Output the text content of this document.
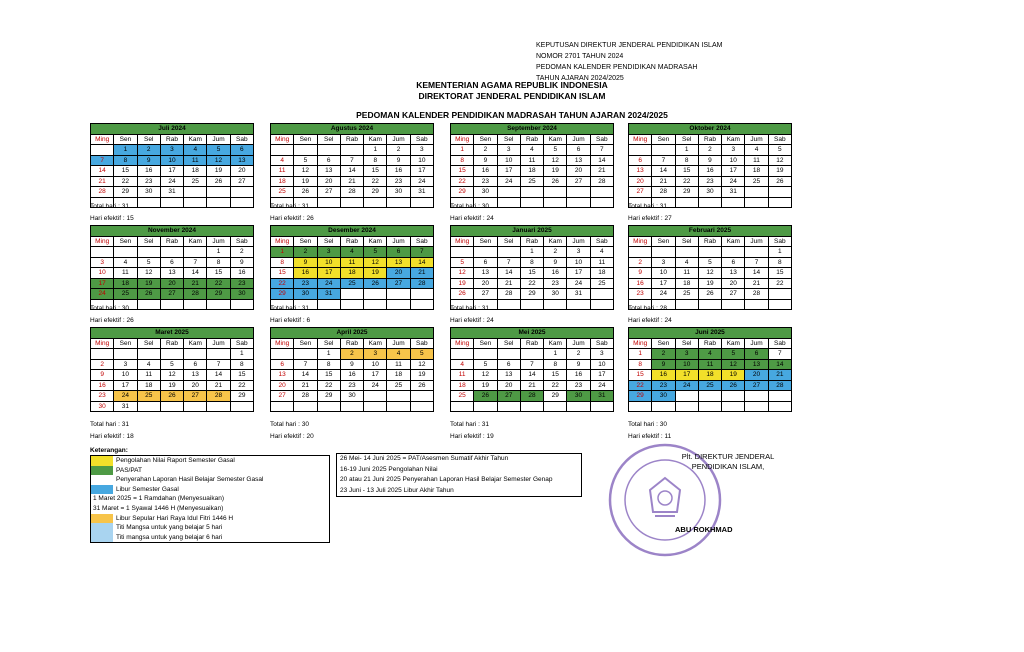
KEPUTUSAN DIREKTUR JENDERAL PENDIDIKAN ISLAM
NOMOR 2701 TAHUN 2024
PEDOMAN KALENDER PENDIDIKAN MADRASAH
TAHUN AJARAN 2024/2025
KEMENTERIAN AGAMA REPUBLIK INDONESIA
DIREKTORAT JENDERAL PENDIDIKAN ISLAM
PEDOMAN KALENDER PENDIDIKAN MADRASAH TAHUN AJARAN 2024/2025
Juli 2024						
Ming	Sen	Sel	Rab	Kam	Jum	Sab
	1	2	3	4	5	6
7	8	9	10	11	12	13
14	15	16	17	18	19	20
21	22	23	24	25	26	27
28	29	30	31			

Total hari : 31
Hari efektif : 15
Agustus 2024						
Ming	Sen	Sel	Rab	Kam	Jum	Sab
				1	2	3
4	5	6	7	8	9	10
11	12	13	14	15	16	17
18	19	20	21	22	23	24
25	26	27	28	29	30	31

Total hari : 31
Hari efektif : 26
September 2024						
Ming	Sen	Sel	Rab	Kam	Jum	Sab
1	2	3	4	5	6	7
8	9	10	11	12	13	14
15	16	17	18	19	20	21
22	23	24	25	26	27	28
29	30					

Total hari : 30
Hari efektif : 24
Oktober 2024						
Ming	Sen	Sel	Rab	Kam	Jum	Sab
		1	2	3	4	5
6	7	8	9	10	11	12
13	14	15	16	17	18	19
20	21	22	23	24	25	26
27	28	29	30	31		

Total hari : 31
Hari efektif : 27
November 2024						
Ming	Sen	Sel	Rab	Kam	Jum	Sab
					1	2
3	4	5	6	7	8	9
10	11	12	13	14	15	16
17	18	19	20	21	22	23
24	25	26	27	28	29	30

Total hari : 30
Hari efektif : 26
Desember 2024						
Ming	Sen	Sel	Rab	Kam	Jum	Sab
1	2	3	4	5	6	7
8	9	10	11	12	13	14
15	16	17	18	19	20	21
22	23	24	25	26	27	28
29	30	31				

Total hari : 31
Hari efektif : 6
Januari 2025						
Ming	Sen	Sel	Rab	Kam	Jum	Sab
			1	2	3	4
5	6	7	8	9	10	11
12	13	14	15	16	17	18
19	20	21	22	23	24	25
26	27	28	29	30	31	

Total hari : 31
Hari efektif : 24
Februari 2025						
Ming	Sen	Sel	Rab	Kam	Jum	Sab
						1
2	3	4	5	6	7	8
9	10	11	12	13	14	15
16	17	18	19	20	21	22
23	24	25	26	27	28	

Total hari : 28
Hari efektif : 24
Maret 2025						
Ming	Sen	Sel	Rab	Kam	Jum	Sab
						1
2	3	4	5	6	7	8
9	10	11	12	13	14	15
16	17	18	19	20	21	22
23	24	25	26	27	28	29
30	31					
Total hari : 31
Hari efektif : 18
April 2025						
Ming	Sen	Sel	Rab	Kam	Jum	Sab
		1	2	3	4	5
6	7	8	9	10	11	12
13	14	15	16	17	18	19
20	21	22	23	24	25	26
27	28	29	30			

Total hari : 30
Hari efektif : 20
Mei 2025						
Ming	Sen	Sel	Rab	Kam	Jum	Sab
				1	2	3
4	5	6	7	8	9	10
11	12	13	14	15	16	17
18	19	20	21	22	23	24
25	26	27	28	29	30	31

Total hari : 31
Hari efektif : 19
Juni 2025						
Ming	Sen	Sel	Rab	Kam	Jum	Sab
1	2	3	4	5	6	7
8	9	10	11	12	13	14
15	16	17	18	19	20	21
22	23	24	25	26	27	28
29	30					

Total hari : 30
Hari efektif : 11
Keterangan:
Pengolahan Nilai Raport Semester Gasal
PAS/PAT
Penyerahan Laporan Hasil Belajar Semester Gasal
Libur Semester Gasal
1 Maret 2025 = 1 Ramdahan (Menyesuaikan)
31 Maret = 1 Syawal 1446 H (Menyesuaikan)
Libur Sepular Hari Raya Idul Fitri 1446 H
Titi Mangsa untuk yang belajar 5 hari
Titi mangsa untuk yang belajar 6 hari
26 Mei- 14 Juni 2025 = PAT/Asesmen Sumatif Akhir Tahun
16-19 Juni 2025 Pengolahan Nilai
20 atau 21 Juni 2025 Penyerahan Laporan Hasil Belajar Semester Genap
23 Juni - 13 Juli 2025 Libur Akhir Tahun
Plt. DIREKTUR JENDERAL
PENDIDIKAN ISLAM,
ABU ROKHMAD
